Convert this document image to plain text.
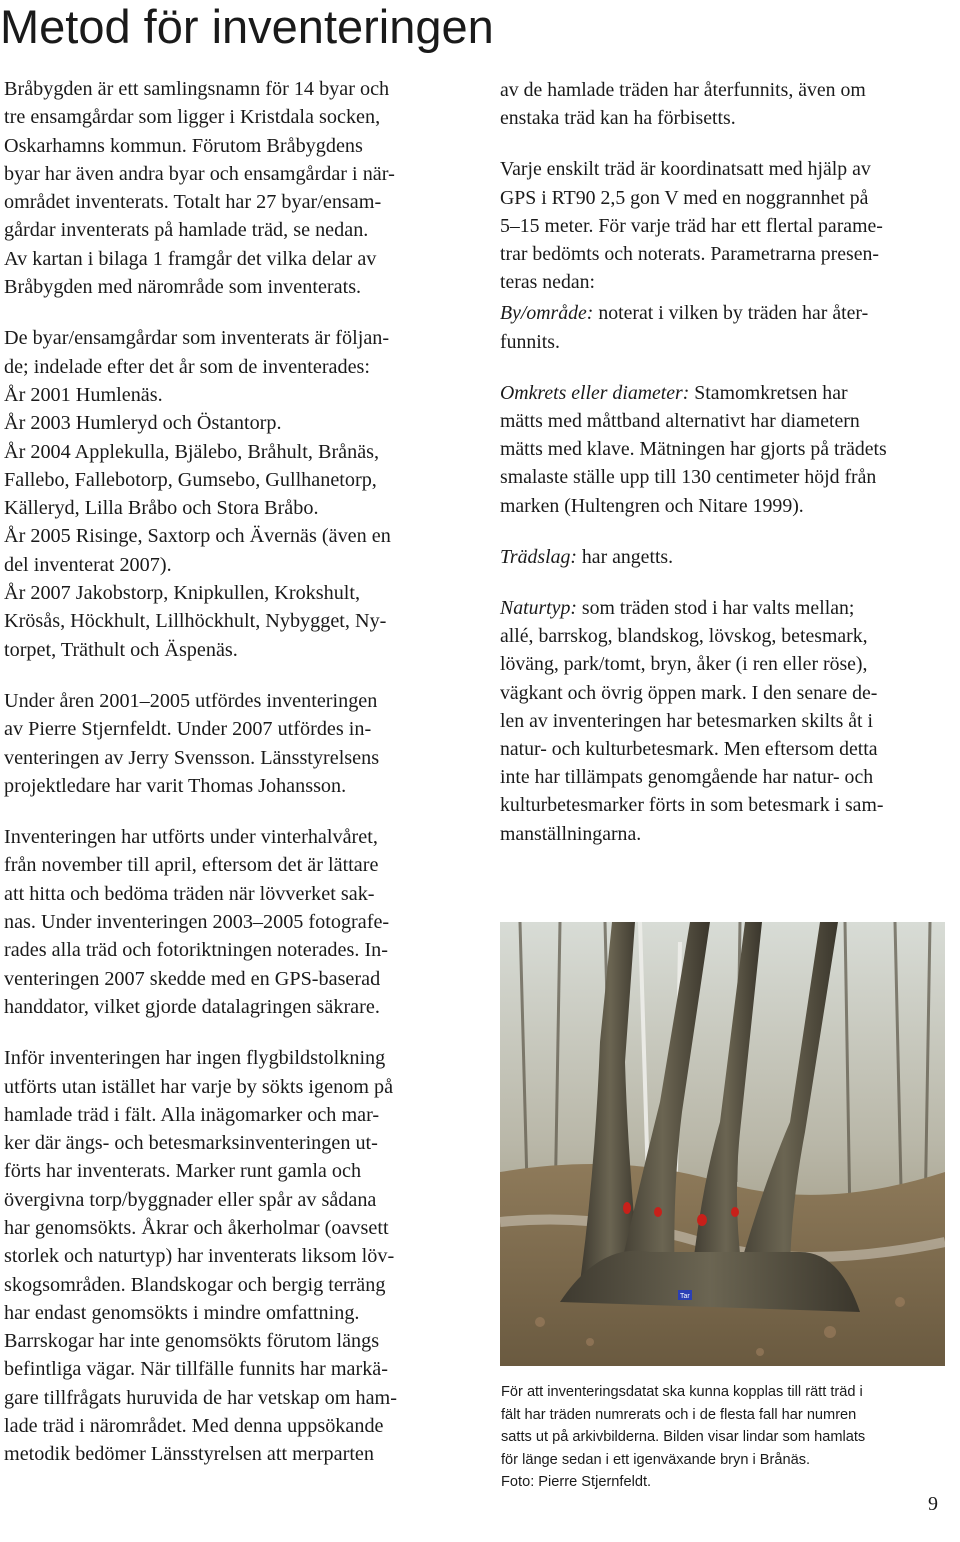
Metod för inventeringen

Bråbygden är ett samlingsnamn för 14 byar och
tre ensamgårdar som ligger i Kristdala socken,
Oskarhamns kommun. Förutom Bråbygdens
byar har även andra byar och ensamgårdar i när-
området inventerats. Totalt har 27 byar/ensam-
gårdar inventerats på hamlade träd, se nedan.
Av kartan i bilaga 1 framgår det vilka delar av
Bråbygden med närområde som inventerats.

De byar/ensamgårdar som inventerats är följan-
de; indelade efter det år som de inventerades:
År 2001 Humlenäs.
År 2003 Humleryd och Östantorp.
År 2004 Applekulla, Bjälebo, Bråhult, Brånäs,
Fallebo, Fallebotorp, Gumsebo, Gullhanetorp,
Källeryd, Lilla Bråbo och Stora Bråbo.
År 2005 Risinge, Saxtorp och Ävernäs (även en
del inventerat 2007).
År 2007 Jakobstorp, Knipkullen, Krokshult,
Krösås, Höckhult, Lillhöckhult, Nybygget, Ny-
torpet, Träthult och Äspenäs.

Under åren 2001–2005 utfördes inventeringen
av Pierre Stjernfeldt. Under 2007 utfördes in-
venteringen av Jerry Svensson. Länsstyrelsens
projektledare har varit Thomas Johansson.

Inventeringen har utförts under vinterhalvåret,
från november till april, eftersom det är lättare
att hitta och bedöma träden när lövverket sak-
nas. Under inventeringen 2003–2005 fotografe-
rades alla träd och fotoriktningen noterades. In-
venteringen 2007 skedde med en GPS-baserad
handdator, vilket gjorde datalagringen säkrare.

Inför inventeringen har ingen flygbildstolkning
utförts utan istället har varje by sökts igenom på
hamlade träd i fält. Alla inägomarker och mar-
ker där ängs- och betesmarksinventeringen ut-
förts har inventerats. Marker runt gamla och
övergivna torp/byggnader eller spår av sådana
har genomsökts. Åkrar och åkerholmar (oavsett
storlek och naturtyp) har inventerats liksom löv-
skogsområden. Blandskogar och bergig terräng
har endast genomsökts i mindre omfattning.
Barrskogar har inte genomsökts förutom längs
befintliga vägar. När tillfälle funnits har markä-
gare tillfrågats huruvida de har vetskap om ham-
lade träd i närområdet. Med denna uppsökande
metodik bedömer Länsstyrelsen att merparten

av de hamlade träden har återfunnits, även om
enstaka träd kan ha förbisetts.

Varje enskilt träd är koordinatsatt med hjälp av
GPS i RT90 2,5 gon V med en noggrannhet på
5–15 meter. För varje träd har ett flertal parame-
trar bedömts och noterats. Parametrarna presen-
teras nedan:

By/område: noterat i vilken by träden har åter-
funnits.

Omkrets eller diameter: Stamomkretsen har
mätts med måttband alternativt har diametern
mätts med klave. Mätningen har gjorts på trädets
smalaste ställe upp till 130 centimeter höjd från
marken (Hultengren och Nitare 1999).

Trädslag: har angetts.

Naturtyp: som träden stod i har valts mellan;
allé, barrskog, blandskog, lövskog, betesmark,
löväng, park/tomt, bryn, åker (i ren eller röse),
vägkant och övrig öppen mark. I den senare de-
len av inventeringen har betesmarken skilts åt i
natur- och kulturbetesmark. Men eftersom detta
inte har tillämpats genomgående har natur- och
kulturbetesmarker förts in som betesmark i sam-
manställningarna.

Tar
För att inventeringsdatat ska kunna kopplas till rätt träd i
fält har träden numrerats och i de flesta fall har numren
satts ut på arkivbilderna. Bilden visar lindar som hamlats
för länge sedan i ett igenväxande bryn i Brånäs.
Foto: Pierre Stjernfeldt.
9
